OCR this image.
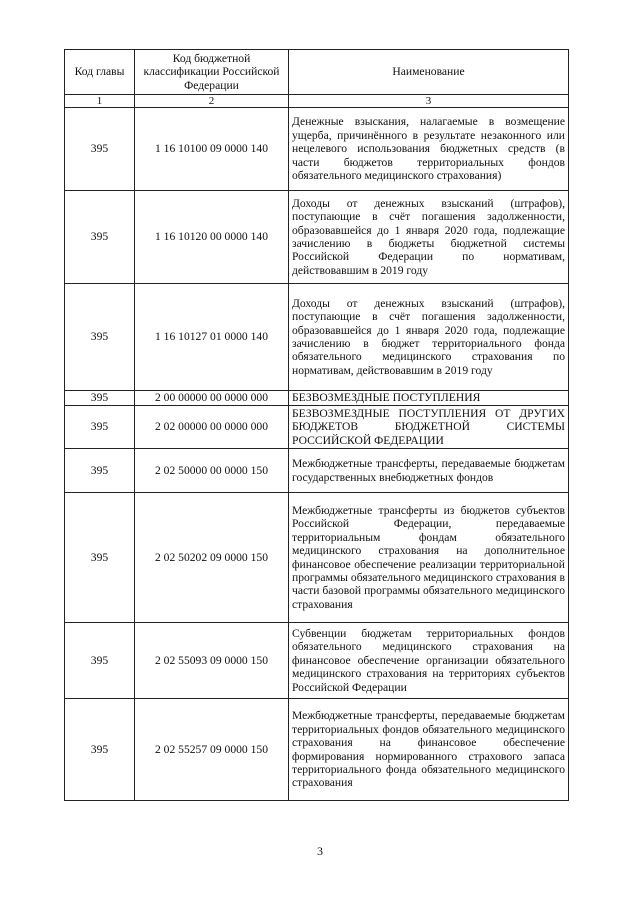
Код главы	Код бюджетной классификации Российской Федерации	Наименование
1	2	3
395	1 16 10100 09 0000 140	Денежные взыскания, налагаемые в возмещение ущерба, причинённого в результате незаконного или нецелевого использования бюджетных средств (в части бюджетов территориальных фондов обязательного медицинского страхования)
395	1 16 10120 00 0000 140	Доходы от денежных взысканий (штрафов), поступающие в счёт погашения задолженности, образовавшейся до 1 января 2020 года, подлежащие зачислению в бюджеты бюджетной системы Российской Федерации по нормативам, действовавшим в 2019 году
395	1 16 10127 01 0000 140	Доходы от денежных взысканий (штрафов), поступающие в счёт погашения задолженности, образовавшейся до 1 января 2020 года, подлежащие зачислению в бюджет территориального фонда обязательного медицинского страхования по нормативам, действовавшим в 2019 году
395	2 00 00000 00 0000 000	БЕЗВОЗМЕЗДНЫЕ ПОСТУПЛЕНИЯ
395	2 02 00000 00 0000 000	БЕЗВОЗМЕЗДНЫЕ ПОСТУПЛЕНИЯ ОТ ДРУГИХ БЮДЖЕТОВ БЮДЖЕТНОЙ СИСТЕМЫ РОССИЙСКОЙ ФЕДЕРАЦИИ
395	2 02 50000 00 0000 150	Межбюджетные трансферты, передаваемые бюджетам государственных внебюджетных фондов
395	2 02 50202 09 0000 150	Межбюджетные трансферты из бюджетов субъектов Российской Федерации, передаваемые территориальным фондам обязательного медицинского страхования на дополнительное финансовое обеспечение реализации территориальной программы обязательного медицинского страхования в части базовой программы обязательного медицинского страхования
395	2 02 55093 09 0000 150	Субвенции бюджетам территориальных фондов обязательного медицинского страхования на финансовое обеспечение организации обязательного медицинского страхования на территориях субъектов Российской Федерации
395	2 02 55257 09 0000 150	Межбюджетные трансферты, передаваемые бюджетам территориальных фондов обязательного медицинского страхования на финансовое обеспечение формирования нормированного страхового запаса территориального фонда обязательного медицинского страхования
3
